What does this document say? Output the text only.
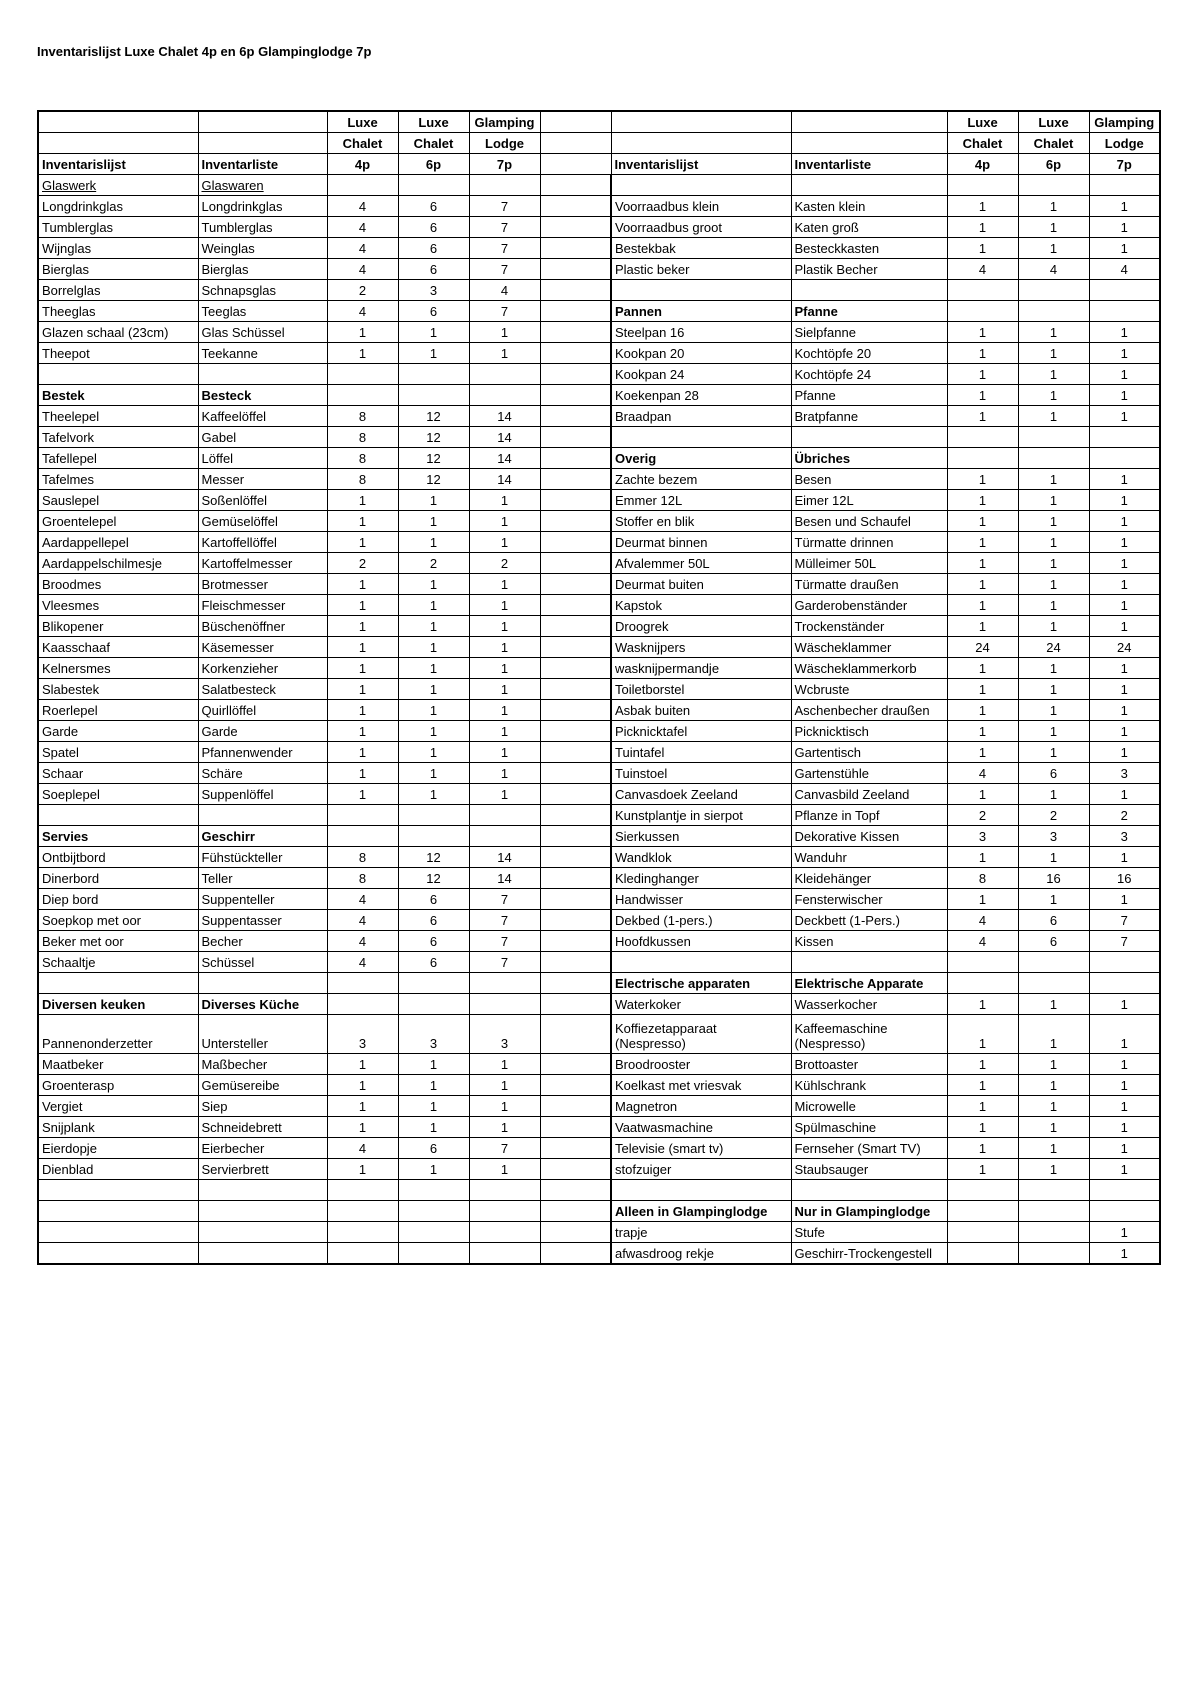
Inventarislijst Luxe Chalet 4p en 6p Glampinglodge 7p
		Luxe	Luxe	Glamping				Luxe	Luxe	Glamping
		Chalet	Chalet	Lodge				Chalet	Chalet	Lodge
Inventarislijst	Inventarliste	4p	6p	7p		Inventarislijst	Inventarliste	4p	6p	7p
Glaswerk	Glaswaren									
Longdrinkglas	Longdrinkglas	4	6	7		Voorraadbus klein	Kasten klein	1	1	1
Tumblerglas	Tumblerglas	4	6	7		Voorraadbus groot	Katen groß	1	1	1
Wijnglas	Weinglas	4	6	7		Bestekbak	Besteckkasten	1	1	1
Bierglas	Bierglas	4	6	7		Plastic beker	Plastik Becher	4	4	4
Borrelglas	Schnapsglas	2	3	4						
Theeglas	Teeglas	4	6	7		Pannen	Pfanne			
Glazen schaal (23cm)	Glas Schüssel	1	1	1		Steelpan 16	Sielpfanne	1	1	1
Theepot	Teekanne	1	1	1		Kookpan 20	Kochtöpfe 20	1	1	1
						Kookpan 24	Kochtöpfe 24	1	1	1
Bestek	Besteck					Koekenpan 28	Pfanne	1	1	1
Theelepel	Kaffeelöffel	8	12	14		Braadpan	Bratpfanne	1	1	1
Tafelvork	Gabel	8	12	14						
Tafellepel	Löffel	8	12	14		Overig	Übriches			
Tafelmes	Messer	8	12	14		Zachte bezem	Besen	1	1	1
Sauslepel	Soßenlöffel	1	1	1		Emmer 12L	Eimer 12L	1	1	1
Groentelepel	Gemüselöffel	1	1	1		Stoffer en blik	Besen und Schaufel	1	1	1
Aardappellepel	Kartoffellöffel	1	1	1		Deurmat binnen	Türmatte drinnen	1	1	1
Aardappelschilmesje	Kartoffelmesser	2	2	2		Afvalemmer 50L	Mülleimer 50L	1	1	1
Broodmes	Brotmesser	1	1	1		Deurmat buiten	Türmatte draußen	1	1	1
Vleesmes	Fleischmesser	1	1	1		Kapstok	Garderobenständer	1	1	1
Blikopener	Büschenöffner	1	1	1		Droogrek	Trockenständer	1	1	1
Kaasschaaf	Käsemesser	1	1	1		Wasknijpers	Wäscheklammer	24	24	24
Kelnersmes	Korkenzieher	1	1	1		wasknijpermandje	Wäscheklammerkorb	1	1	1
Slabestek	Salatbesteck	1	1	1		Toiletborstel	Wcbruste	1	1	1
Roerlepel	Quirllöffel	1	1	1		Asbak buiten	Aschenbecher draußen	1	1	1
Garde	Garde	1	1	1		Picknicktafel	Picknicktisch	1	1	1
Spatel	Pfannenwender	1	1	1		Tuintafel	Gartentisch	1	1	1
Schaar	Schäre	1	1	1		Tuinstoel	Gartenstühle	4	6	3
Soeplepel	Suppenlöffel	1	1	1		Canvasdoek Zeeland	Canvasbild Zeeland	1	1	1
						Kunstplantje in sierpot	Pflanze in Topf	2	2	2
Servies	Geschirr					Sierkussen	Dekorative Kissen	3	3	3
Ontbijtbord	Fühstückteller	8	12	14		Wandklok	Wanduhr	1	1	1
Dinerbord	Teller	8	12	14		Kledinghanger	Kleidehänger	8	16	16
Diep bord	Suppenteller	4	6	7		Handwisser	Fensterwischer	1	1	1
Soepkop met oor	Suppentasser	4	6	7		Dekbed (1-pers.)	Deckbett (1-Pers.)	4	6	7
Beker met oor	Becher	4	6	7		Hoofdkussen	Kissen	4	6	7
Schaaltje	Schüssel	4	6	7						
						Electrische apparaten	Elektrische Apparate			
Diversen keuken	Diverses Küche					Waterkoker	Wasserkocher	1	1	1
Pannenonderzetter	Untersteller	3	3	3		Koffiezetapparaat (Nespresso)	Kaffeemaschine (Nespresso)	1	1	1
Maatbeker	Maßbecher	1	1	1		Broodrooster	Brottoaster	1	1	1
Groenterasp	Gemüsereibe	1	1	1		Koelkast met vriesvak	Kühlschrank	1	1	1
Vergiet	Siep	1	1	1		Magnetron	Microwelle	1	1	1
Snijplank	Schneidebrett	1	1	1		Vaatwasmachine	Spülmaschine	1	1	1
Eierdopje	Eierbecher	4	6	7		Televisie (smart tv)	Fernseher (Smart TV)	1	1	1
Dienblad	Servierbrett	1	1	1		stofzuiger	Staubsauger	1	1	1

						Alleen in Glampinglodge	Nur in Glampinglodge			
						trapje	Stufe			1
						afwasdroog rekje	Geschirr-Trockengestell			1
